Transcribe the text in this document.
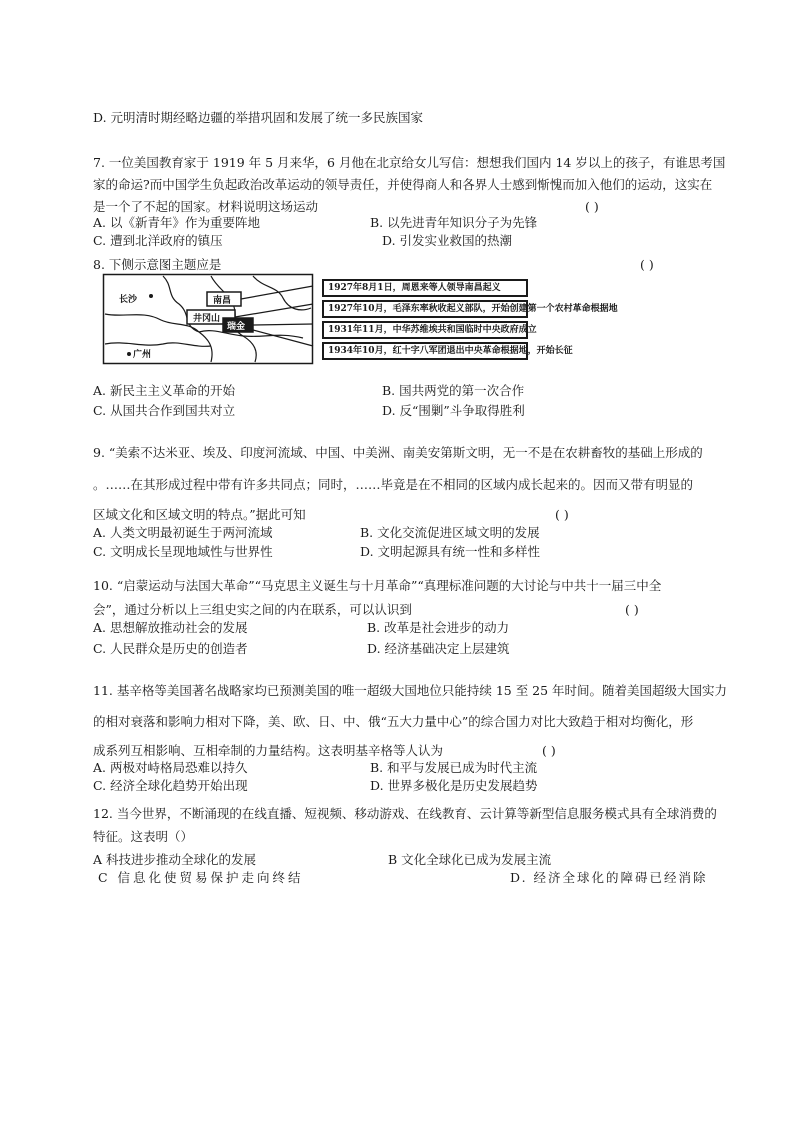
D. 元明清时期经略边疆的举措巩固和发展了统一多民族国家
7. 一位美国教育家于 1919 年 5 月来华，6 月他在北京给女儿写信：想想我们国内 14 岁以上的孩子，有谁思考国
家的命运?而中国学生负起政治改革运动的领导责任，并使得商人和各界人士感到惭愧而加入他们的运动，这实在
是一个了不起的国家。材料说明这场运动	( )
A. 以《新青年》作为重要阵地	B. 以先进青年知识分子为先锋
C. 遭到北洋政府的镇压	D. 引发实业救国的热潮
8. 下侧示意图主题应是	( )
长沙	南昌
井冈山
瑞金
广州
1927年8月1日，周恩来等人领导南昌起义
1927年10月，毛泽东率秋收起义部队，开始创建第一个农村革命根据地
1931年11月，中华苏维埃共和国临时中央政府成立
1934年10月，红十字八军团退出中央革命根据地，开始长征
A. 新民主主义革命的开始	B. 国共两党的第一次合作
C. 从国共合作到国共对立	D. 反“围剿”斗争取得胜利
9. “美索不达米亚、埃及、印度河流域、中国、中美洲、南美安第斯文明，无一不是在农耕畜牧的基础上形成的
。……在其形成过程中带有许多共同点；同时，……毕竟是在不相同的区域内成长起来的。因而又带有明显的
区域文化和区域文明的特点。”据此可知	( )
A. 人类文明最初诞生于两河流域	B. 文化交流促进区域文明的发展
C. 文明成长呈现地域性与世界性	D. 文明起源具有统一性和多样性
10. “启蒙运动与法国大革命”“马克思主义诞生与十月革命”“真理标准问题的大讨论与中共十一届三中全
会”，通过分析以上三组史实之间的内在联系，可以认识到	( )
A. 思想解放推动社会的发展	B. 改革是社会进步的动力
C. 人民群众是历史的创造者	D. 经济基础决定上层建筑
11. 基辛格等美国著名战略家均已预测美国的唯一超级大国地位只能持续 15 至 25 年时间。随着美国超级大国实力
的相对衰落和影响力相对下降，美、欧、日、中、俄“五大力量中心”的综合国力对比大致趋于相对均衡化，形
成系列互相影响、互相牵制的力量结构。这表明基辛格等人认为	( )
A. 两极对峙格局恐难以持久	B. 和平与发展已成为时代主流
C. 经济全球化趋势开始出现	D. 世界多极化是历史发展趋势
12. 当今世界，不断涌现的在线直播、短视频、移动游戏、在线教育、云计算等新型信息服务模式具有全球消费的
特征。这表明（）
A 科技进步推动全球化的发展	B 文化全球化已成为发展主流
C 信息化使贸易保护走向终结	D. 经济全球化的障碍已经消除
